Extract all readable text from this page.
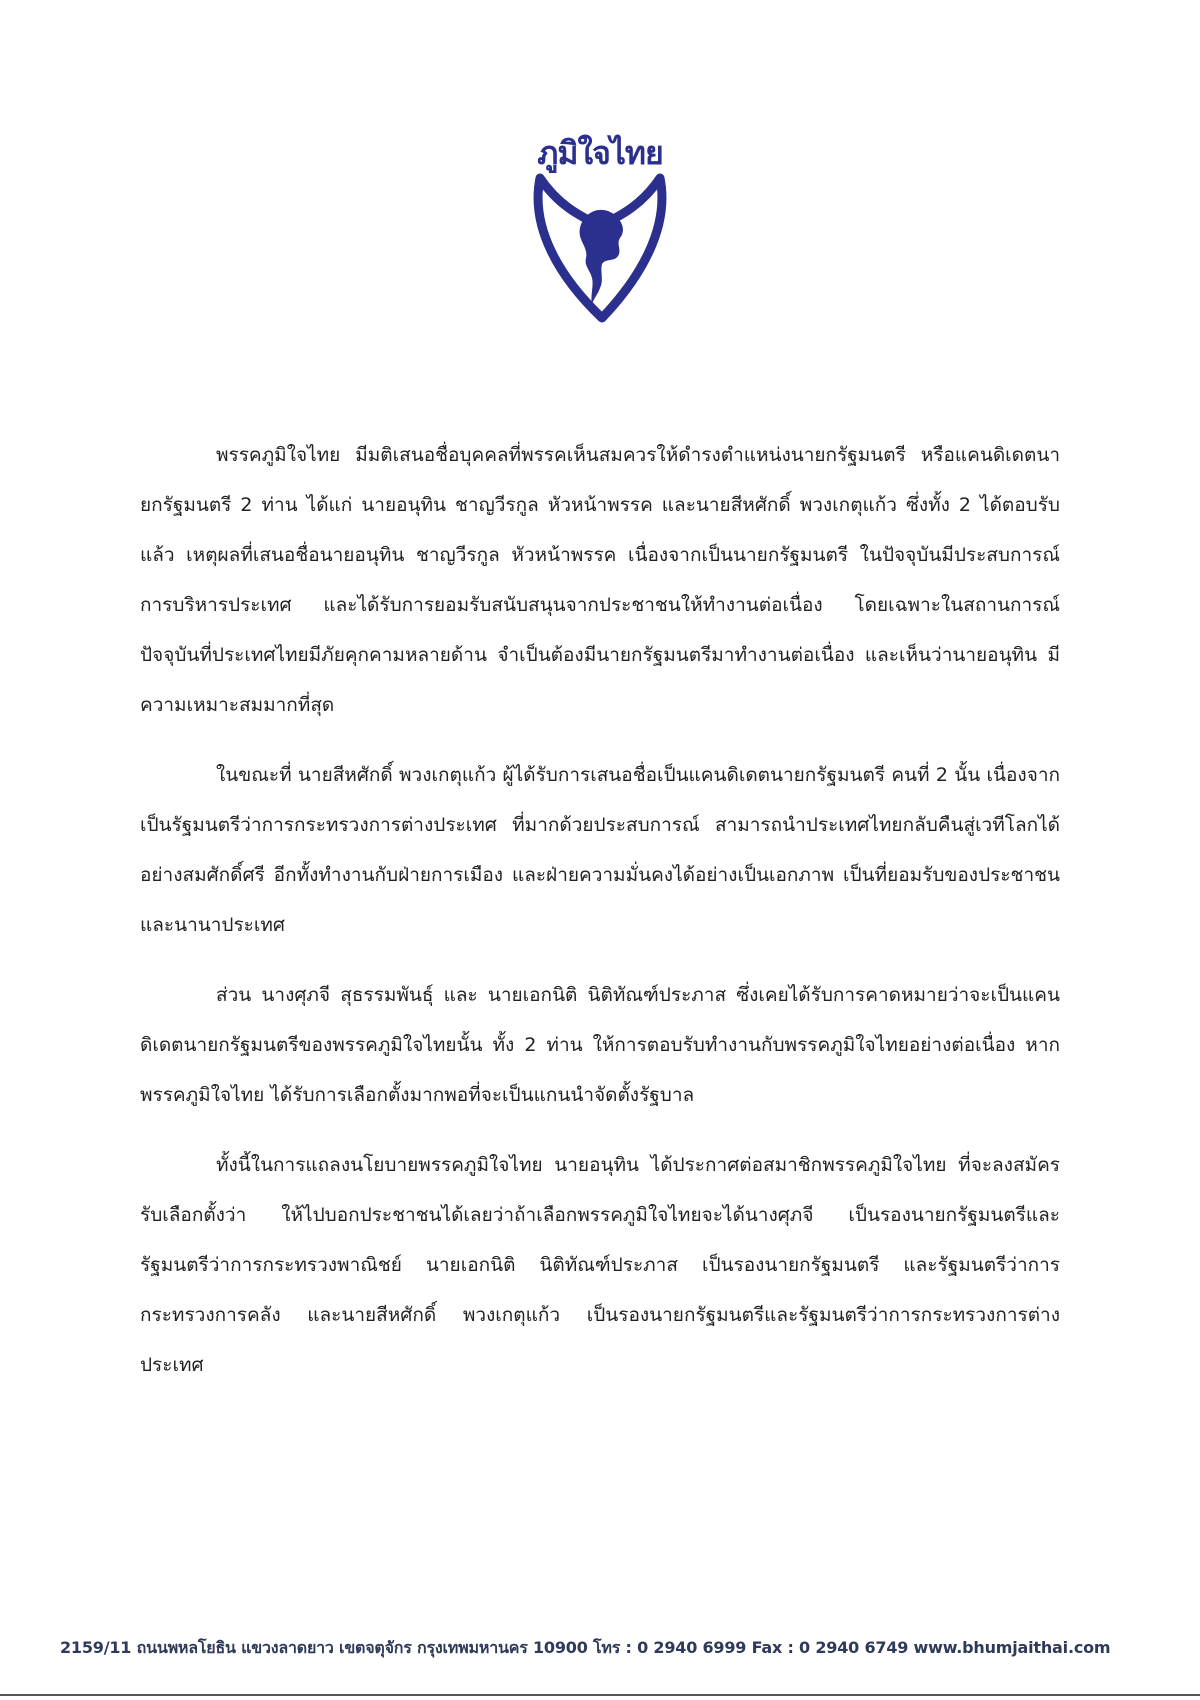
ภูมิใจไทย

พรรคภูมิใจไทย มีมติเสนอชื่อบุคคลที่พรรคเห็นสมควรให้ดำรงตำแหน่งนายกรัฐมนตรี หรือแคนดิเดตนายกรัฐมนตรี 2 ท่าน ได้แก่ นายอนุทิน ชาญวีรกูล หัวหน้าพรรค และนายสีหศักดิ์ พวงเกตุแก้ว ซึ่งทั้ง 2 ได้ตอบรับแล้ว เหตุผลที่เสนอชื่อนายอนุทิน ชาญวีรกูล หัวหน้าพรรค เนื่องจากเป็นนายกรัฐมนตรี ในปัจจุบันมีประสบการณ์การบริหารประเทศ และได้รับการยอมรับสนับสนุนจากประชาชนให้ทำงานต่อเนื่อง โดยเฉพาะในสถานการณ์ปัจจุบันที่ประเทศไทยมีภัยคุกคามหลายด้าน จำเป็นต้องมีนายกรัฐมนตรีมาทำงานต่อเนื่อง และเห็นว่านายอนุทิน มีความเหมาะสมมากที่สุด

ในขณะที่ นายสีหศักดิ์ พวงเกตุแก้ว ผู้ได้รับการเสนอชื่อเป็นแคนดิเดตนายกรัฐมนตรี คนที่ 2 นั้น เนื่องจากเป็นรัฐมนตรีว่าการกระทรวงการต่างประเทศ ที่มากด้วยประสบการณ์ สามารถนำประเทศไทยกลับคืนสู่เวทีโลกได้อย่างสมศักดิ์ศรี อีกทั้งทำงานกับฝ่ายการเมือง และฝ่ายความมั่นคงได้อย่างเป็นเอกภาพ เป็นที่ยอมรับของประชาชน และนานาประเทศ

ส่วน นางศุภจี สุธรรมพันธุ์ และ นายเอกนิติ นิติทัณฑ์ประภาส ซึ่งเคยได้รับการคาดหมายว่าจะเป็นแคนดิเดตนายกรัฐมนตรีของพรรคภูมิใจไทยนั้น ทั้ง 2 ท่าน ให้การตอบรับทำงานกับพรรคภูมิใจไทยอย่างต่อเนื่อง หากพรรคภูมิใจไทย ได้รับการเลือกตั้งมากพอที่จะเป็นแกนนำจัดตั้งรัฐบาล

ทั้งนี้ในการแถลงนโยบายพรรคภูมิใจไทย นายอนุทิน ได้ประกาศต่อสมาชิกพรรคภูมิใจไทย ที่จะลงสมัครรับเลือกตั้งว่า ให้ไปบอกประชาชนได้เลยว่าถ้าเลือกพรรคภูมิใจไทยจะได้นางศุภจี เป็นรองนายกรัฐมนตรีและรัฐมนตรีว่าการกระทรวงพาณิชย์ นายเอกนิติ นิติทัณฑ์ประภาส เป็นรองนายกรัฐมนตรี และรัฐมนตรีว่าการกระทรวงการคลัง และนายสีหศักดิ์ พวงเกตุแก้ว เป็นรองนายกรัฐมนตรีและรัฐมนตรีว่าการกระทรวงการต่างประเทศ

2159/11 ถนนพหลโยธิน แขวงลาดยาว เขตจตุจักร กรุงเทพมหานคร 10900 โทร : 0 2940 6999 Fax : 0 2940 6749 www.bhumjaithai.com
